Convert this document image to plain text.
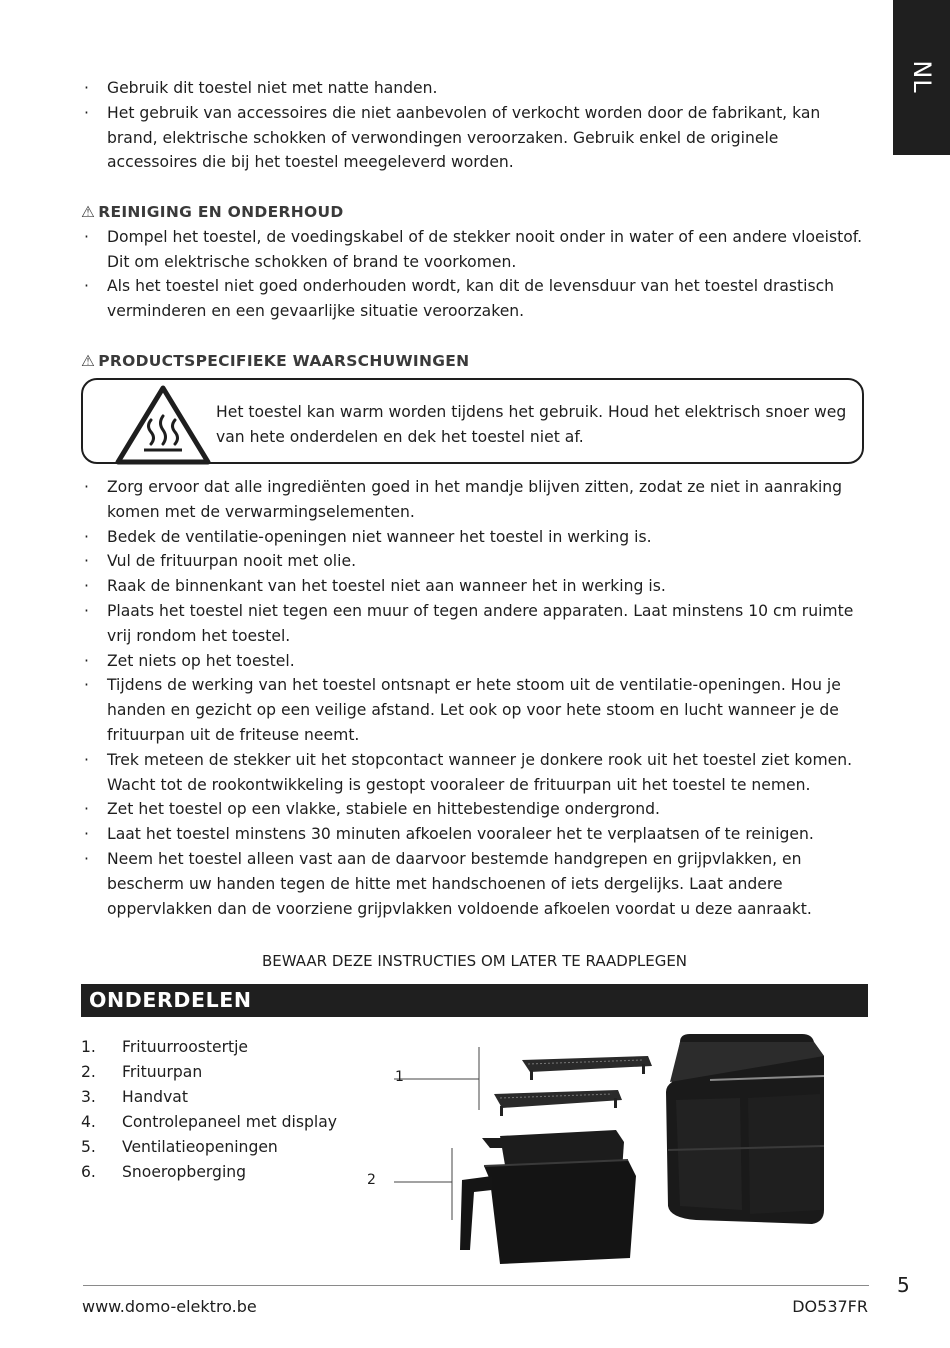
NL
· Gebruik dit toestel niet met natte handen.
· Het gebruik van accessoires die niet aanbevolen of verkocht worden door de fabrikant, kan brand, elektrische schokken of verwondingen veroorzaken. Gebruik enkel de originele accessoires die bij het toestel meegeleverd worden.
⚠ REINIGING EN ONDERHOUD
· Dompel het toestel, de voedingskabel of de stekker nooit onder in water of een andere vloeistof. Dit om elektrische schokken of brand te voorkomen.
· Als het toestel niet goed onderhouden wordt, kan dit de levensduur van het toestel drastisch verminderen en een gevaarlijke situatie veroorzaken.
⚠ PRODUCTSPECIFIEKE WAARSCHUWINGEN
Het toestel kan warm worden tijdens het gebruik. Houd het elektrisch snoer weg van hete onderdelen en dek het toestel niet af.
· Zorg ervoor dat alle ingrediënten goed in het mandje blijven zitten, zodat ze niet in aanraking komen met de verwarmingselementen.
· Bedek de ventilatie-openingen niet wanneer het toestel in werking is.
· Vul de frituurpan nooit met olie.
· Raak de binnenkant van het toestel niet aan wanneer het in werking is.
· Plaats het toestel niet tegen een muur of tegen andere apparaten. Laat minstens 10 cm ruimte vrij rondom het toestel.
· Zet niets op het toestel.
· Tijdens de werking van het toestel ontsnapt er hete stoom uit de ventilatie-openingen. Hou je handen en gezicht op een veilige afstand. Let ook op voor hete stoom en lucht wanneer je de frituurpan uit de friteuse neemt.
· Trek meteen de stekker uit het stopcontact wanneer je donkere rook uit het toestel ziet komen. Wacht tot de rookontwikkeling is gestopt vooraleer de frituurpan uit het toestel te nemen.
· Zet het toestel op een vlakke, stabiele en hittebestendige ondergrond.
· Laat het toestel minstens 30 minuten afkoelen vooraleer het te verplaatsen of te reinigen.
· Neem het toestel alleen vast aan de daarvoor bestemde handgrepen en grijpvlakken, en bescherm uw handen tegen de hitte met handschoenen of iets dergelijks. Laat andere oppervlakken dan de voorziene grijpvlakken voldoende afkoelen voordat u deze aanraakt.
BEWAAR DEZE INSTRUCTIES OM LATER TE RAADPLEGEN
ONDERDELEN
1. Frituurroostertje
2. Frituurpan
3. Handvat
4. Controlepaneel met display
5. Ventilatieopeningen
6. Snoeropberging
1
2
5
www.domo-elektro.be	DO537FR
